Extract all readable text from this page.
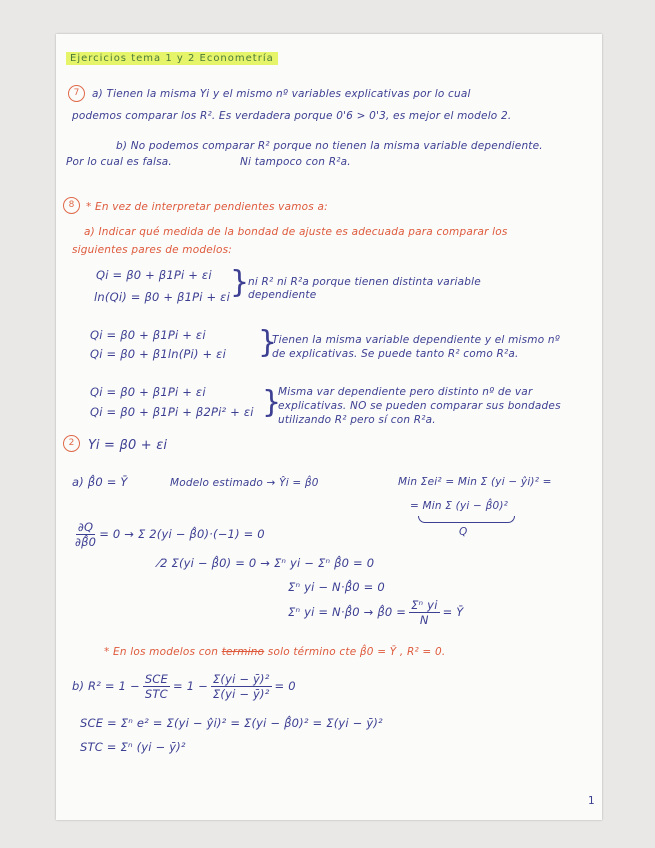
Ejercicios tema 1 y 2 Econometría
7	a) Tienen la misma Yi y el mismo nº variables explicativas por lo cual
podemos comparar los R². Es verdadera porque 0'6 > 0'3, es mejor el modelo 2.
b) No podemos comparar R² porque no tienen la misma variable dependiente.
Por lo cual es falsa.	Ni tampoco con R²a.
8	* En vez de interpretar pendientes vamos a:
a) Indicar qué medida de la bondad de ajuste es adecuada para comparar los
siguientes pares de modelos:
Qi = β0 + β1Pi + εi
ln(Qi) = β0 + β1Pi + εi }
ni R² ni R²a porque tienen distinta variable
dependiente
Qi = β0 + β1Pi + εi
Qi = β0 + β1ln(Pi) + εi }
Tienen la misma variable dependiente y el mismo nº
de explicativas. Se puede tanto R² como R²a.
Qi = β0 + β1Pi + εi
Qi = β0 + β1Pi + β2Pi² + εi }
Misma var dependiente pero distinto nº de var
explicativas. NO se pueden comparar sus bondades
utilizando R² pero sí con R²a.
2	Yi = β0 + εi
a) β̂0 = Ȳ	Modelo estimado → Ŷi = β̂0	Min Σei² = Min Σ (yi − ŷi)² =
= Min Σ (yi − β̂0)²
Q
$\frac{\partial Q}{\partial\betâ0} = 0 \to \Sigma$ 2(yi − β̂0)·(−1) = 0
⁄2 Σ(yi − β̂0) = 0 → Σⁿ yi − Σⁿ β̂0 = 0
Σⁿ yi − N·β̂0 = 0
Σⁿ yi = N·β̂0 → β̂0 = $\frac{\text{Σⁿ yi}}{N}$ = Ȳ
* En los modelos con termino solo término cte β̂0 = Ȳ , R² = 0.
b) $R^2 = 1 - \frac{\text{SCE}}{\text{STC}} = 1 - \frac{\text{Σ(yi − ȳ)²}}{\text{Σ(yi − ȳ)²}} = 0$
SCE = Σⁿ e² = Σ(yi − ŷi)² = Σ(yi − β̂0)² = Σ(yi − ȳ)²
STC = Σⁿ (yi − ȳ)²
1
